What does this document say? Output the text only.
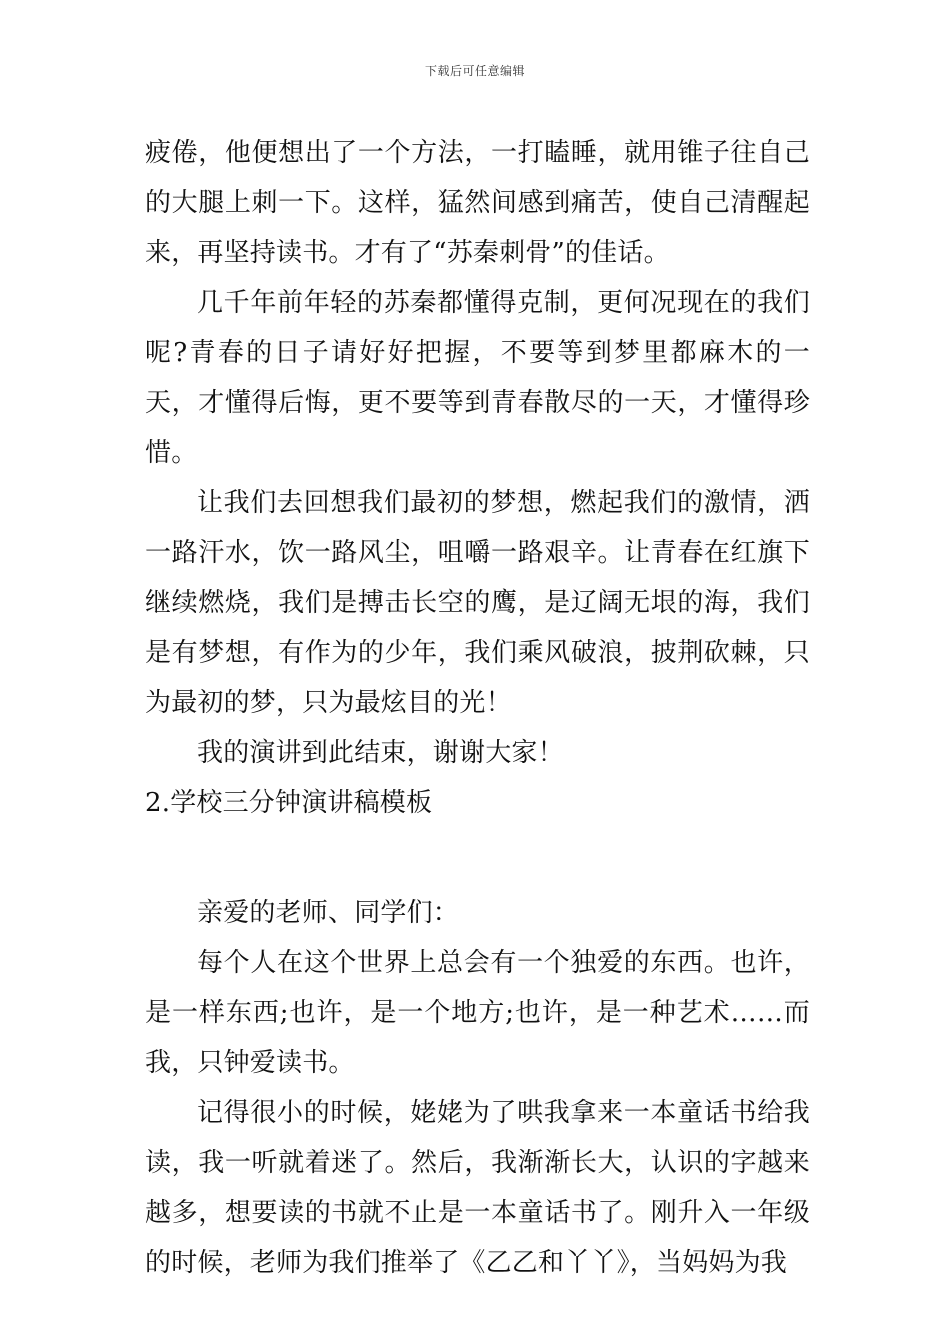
下载后可任意编辑

疲倦，他便想出了一个方法，一打瞌睡，就用锥子往自己的大腿上刺一下。这样，猛然间感到痛苦，使自己清醒起来，再坚持读书。才有了“苏秦刺骨”的佳话。

几千年前年轻的苏秦都懂得克制，更何况现在的我们呢?青春的日子请好好把握，不要等到梦里都麻木的一天，才懂得后悔，更不要等到青春散尽的一天，才懂得珍惜。

让我们去回想我们最初的梦想，燃起我们的激情，洒一路汗水，饮一路风尘，咀嚼一路艰辛。让青春在红旗下继续燃烧，我们是搏击长空的鹰，是辽阔无垠的海，我们是有梦想，有作为的少年，我们乘风破浪，披荆砍棘，只为最初的梦，只为最炫目的光！

我的演讲到此结束，谢谢大家！

2.学校三分钟演讲稿模板

亲爱的老师、同学们：

每个人在这个世界上总会有一个独爱的东西。也许，是一样东西;也许，是一个地方;也许，是一种艺术……而我，只钟爱读书。

记得很小的时候，姥姥为了哄我拿来一本童话书给我读，我一听就着迷了。然后，我渐渐长大，认识的字越来越多，想要读的书就不止是一本童话书了。刚升入一年级的时候，老师为我们推举了《乙乙和丫丫》，当妈妈为我
